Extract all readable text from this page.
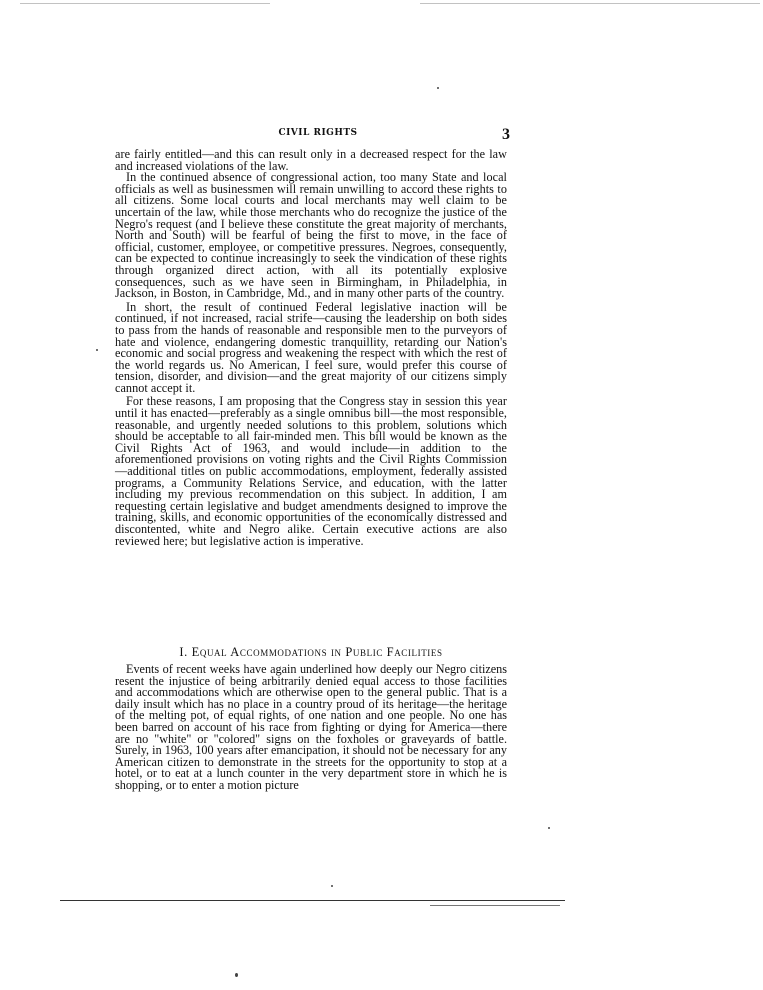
CIVIL RIGHTS	3

are fairly entitled—and this can result only in a decreased respect for the law and increased violations of the law.

In the continued absence of congressional action, too many State and local officials as well as businessmen will remain unwilling to accord these rights to all citizens. Some local courts and local merchants may well claim to be uncertain of the law, while those merchants who do recognize the justice of the Negro's request (and I believe these constitute the great majority of merchants, North and South) will be fearful of being the first to move, in the face of official, customer, employee, or competitive pressures. Negroes, consequently, can be expected to continue increasingly to seek the vindication of these rights through organized direct action, with all its potentially explosive consequences, such as we have seen in Birmingham, in Philadelphia, in Jackson, in Boston, in Cambridge, Md., and in many other parts of the country.

In short, the result of continued Federal legislative inaction will be continued, if not increased, racial strife—causing the leadership on both sides to pass from the hands of reasonable and responsible men to the purveyors of hate and violence, endangering domestic tranquillity, retarding our Nation's economic and social progress and weakening the respect with which the rest of the world regards us. No American, I feel sure, would prefer this course of tension, disorder, and division—and the great majority of our citizens simply cannot accept it.

For these reasons, I am proposing that the Congress stay in session this year until it has enacted—preferably as a single omnibus bill—the most responsible, reasonable, and urgently needed solutions to this problem, solutions which should be acceptable to all fair-minded men. This bill would be known as the Civil Rights Act of 1963, and would include—in addition to the aforementioned provisions on voting rights and the Civil Rights Commission—additional titles on public accommodations, employment, federally assisted programs, a Community Relations Service, and education, with the latter including my previous recommendation on this subject. In addition, I am requesting certain legislative and budget amendments designed to improve the training, skills, and economic opportunities of the economically distressed and discontented, white and Negro alike. Certain executive actions are also reviewed here; but legislative action is imperative.

I. Equal Accommodations in Public Facilities

Events of recent weeks have again underlined how deeply our Negro citizens resent the injustice of being arbitrarily denied equal access to those facilities and accommodations which are otherwise open to the general public. That is a daily insult which has no place in a country proud of its heritage—the heritage of the melting pot, of equal rights, of one nation and one people. No one has been barred on account of his race from fighting or dying for America—there are no "white" or "colored" signs on the foxholes or graveyards of battle. Surely, in 1963, 100 years after emancipation, it should not be necessary for any American citizen to demonstrate in the streets for the opportunity to stop at a hotel, or to eat at a lunch counter in the very department store in which he is shopping, or to enter a motion picture
